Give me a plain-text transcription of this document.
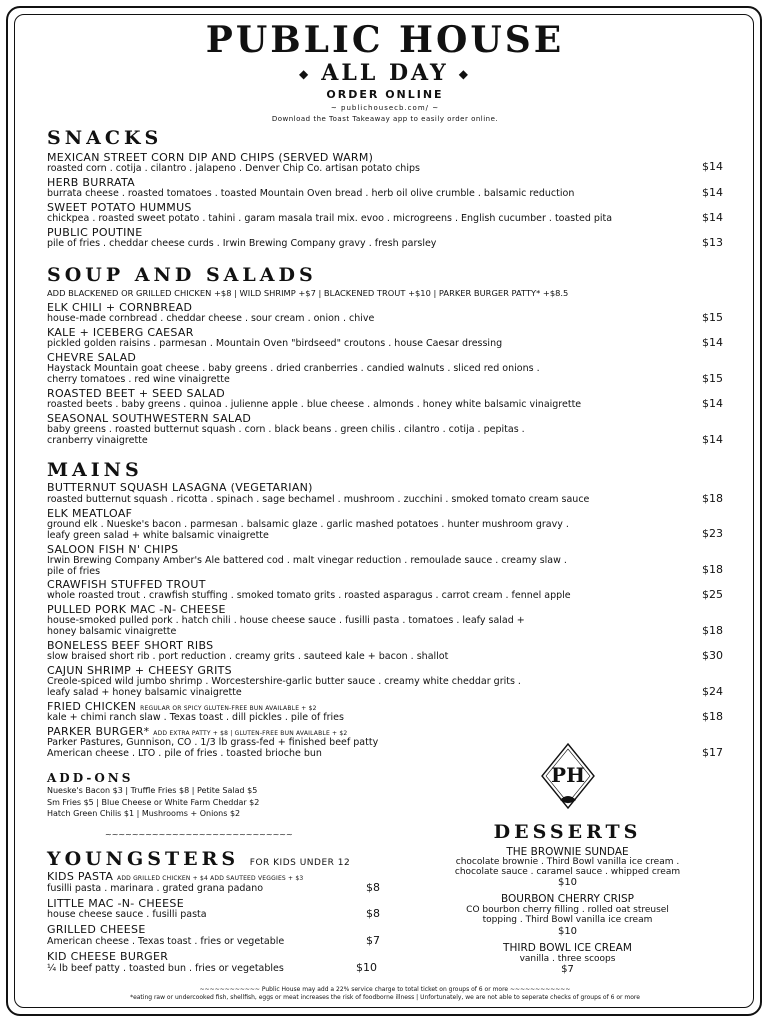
PUBLIC HOUSE
◆ ALL DAY ◆
ORDER ONLINE
~ publichousecb.com/ ~
Download the Toast Takeaway app to easily order online.
SNACKS
MEXICAN STREET CORN DIP AND CHIPS (SERVED WARM)
roasted corn . cotija . cilantro . jalapeno . Denver Chip Co. artisan potato chips	$14
HERB BURRATA
burrata cheese . roasted tomatoes . toasted Mountain Oven bread . herb oil olive crumble . balsamic reduction	$14
SWEET POTATO HUMMUS
chickpea . roasted sweet potato . tahini . garam masala trail mix. evoo . microgreens . English cucumber . toasted pita	$14
PUBLIC POUTINE
pile of fries . cheddar cheese curds . Irwin Brewing Company gravy . fresh parsley	$13
SOUP AND SALADS
ADD BLACKENED OR GRILLED CHICKEN +$8 | WILD SHRIMP +$7 | BLACKENED TROUT +$10 | PARKER BURGER PATTY* +$8.5
ELK CHILI + CORNBREAD
house-made cornbread . cheddar cheese . sour cream . onion . chive	$15
KALE + ICEBERG CAESAR
pickled golden raisins . parmesan . Mountain Oven "birdseed" croutons . house Caesar dressing	$14
CHEVRE SALAD
Haystack Mountain goat cheese . baby greens . dried cranberries . candied walnuts . sliced red onions .
cherry tomatoes . red wine vinaigrette	$15
ROASTED BEET + SEED SALAD
roasted beets . baby greens . quinoa . julienne apple . blue cheese . almonds . honey white balsamic vinaigrette	$14
SEASONAL SOUTHWESTERN SALAD
baby greens . roasted butternut squash . corn . black beans . green chilis . cilantro . cotija . pepitas .
cranberry vinaigrette	$14
MAINS
BUTTERNUT SQUASH LASAGNA (VEGETARIAN)
roasted butternut squash . ricotta . spinach . sage bechamel . mushroom . zucchini . smoked tomato cream sauce	$18
ELK MEATLOAF
ground elk . Nueske's bacon . parmesan . balsamic glaze . garlic mashed potatoes . hunter mushroom gravy .
leafy green salad + white balsamic vinaigrette	$23
SALOON FISH N' CHIPS
Irwin Brewing Company Amber's Ale battered cod . malt vinegar reduction . remoulade sauce . creamy slaw .
pile of fries	$18
CRAWFISH STUFFED TROUT
whole roasted trout . crawfish stuffing . smoked tomato grits . roasted asparagus . carrot cream . fennel apple	$25
PULLED PORK MAC -N- CHEESE
house-smoked pulled pork . hatch chili . house cheese sauce . fusilli pasta . tomatoes . leafy salad +
honey balsamic vinaigrette	$18
BONELESS BEEF SHORT RIBS
slow braised short rib . port reduction . creamy grits . sauteed kale + bacon . shallot	$30
CAJUN SHRIMP + CHEESY GRITS
Creole-spiced wild jumbo shrimp . Worcestershire-garlic butter sauce . creamy white cheddar grits .
leafy salad + honey balsamic vinaigrette	$24
FRIED CHICKEN REGULAR OR SPICY GLUTEN-FREE BUN AVAILABLE + $2
kale + chimi ranch slaw . Texas toast . dill pickles . pile of fries	$18
PARKER BURGER* ADD EXTRA PATTY + $8 | GLUTEN-FREE BUN AVAILABLE + $2
Parker Pastures, Gunnison, CO . 1/3 lb grass-fed + finished beef patty
American cheese . LTO . pile of fries . toasted brioche bun	$17
PH
ADD-ONS
Nueske's Bacon $3 | Truffle Fries $8 | Petite Salad $5
Sm Fries $5 | Blue Cheese or White Farm Cheddar $2
Hatch Green Chilis $1 | Mushrooms + Onions $2
~~~~~~~~~~~~~~~~~~~~~~~~~~~~
YOUNGSTERS FOR KIDS UNDER 12
KIDS PASTA ADD GRILLED CHICKEN + $4 ADD SAUTEED VEGGIES + $3
fusilli pasta . marinara . grated grana padano	$8
LITTLE MAC -N- CHEESE
house cheese sauce . fusilli pasta	$8
GRILLED CHEESE
American cheese . Texas toast . fries or vegetable	$7
KID CHEESE BURGER
¼ lb beef patty . toasted bun . fries or vegetables	$10
DESSERTS
THE BROWNIE SUNDAE
chocolate brownie . Third Bowl vanilla ice cream .
chocolate sauce . caramel sauce . whipped cream
$10
BOURBON CHERRY CRISP
CO bourbon cherry filling . rolled oat streusel
topping . Third Bowl vanilla ice cream
$10
THIRD BOWL ICE CREAM
vanilla . three scoops
$7
~~~~~~~~~~~~ Public House may add a 22% service charge to total ticket on groups of 6 or more ~~~~~~~~~~~~
*eating raw or undercooked fish, shellfish, eggs or meat increases the risk of foodborne illness | Unfortunately, we are not able to seperate checks of groups of 6 or more
